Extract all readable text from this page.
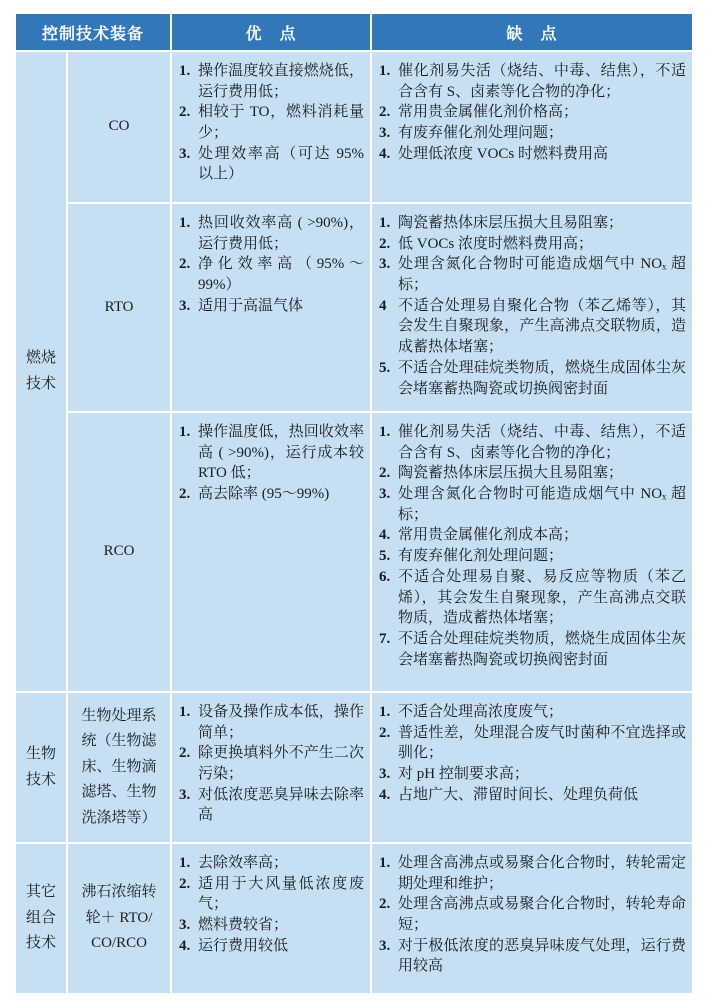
控制技术装备		优　点	缺　点
燃烧技术	CO	
1. 操作温度较直接燃烧低，运行费用低；
2. 相较于 TO，燃料消耗量少；
3. 处理效率高（可达 95% 以上）

1. 催化剂易失活（烧结、中毒、结焦），不适合含有 S、卤素等化合物的净化；
2. 常用贵金属催化剂价格高；
3. 有废弃催化剂处理问题；
4. 处理低浓度 VOCs 时燃料费用高

RTO	
1. 热回收效率高 ( >90%)，运行费用低；
2. 净化效率高（95%～99%）
3. 适用于高温气体

1. 陶瓷蓄热体床层压损大且易阻塞；
2. 低 VOCs 浓度时燃料费用高；
3. 处理含氮化合物时可能造成烟气中 NOₓ 超标；
4 不适合处理易自聚化合物（苯乙烯等），其会发生自聚现象，产生高沸点交联物质，造成蓄热体堵塞；
5. 不适合处理硅烷类物质，燃烧生成固体尘灰会堵塞蓄热陶瓷或切换阀密封面

RCO	
1. 操作温度低，热回收效率高 ( >90%)，运行成本较 RTO 低；
2. 高去除率 (95～99%)

1. 催化剂易失活（烧结、中毒、结焦），不适合含有 S、卤素等化合物的净化；
2. 陶瓷蓄热体床层压损大且易阻塞；
3. 处理含氮化合物时可能造成烟气中 NOₓ 超标；
4. 常用贵金属催化剂成本高；
5. 有废弃催化剂处理问题；
6. 不适合处理易自聚、易反应等物质（苯乙烯），其会发生自聚现象，产生高沸点交联物质，造成蓄热体堵塞；
7. 不适合处理硅烷类物质，燃烧生成固体尘灰会堵塞蓄热陶瓷或切换阀密封面

生物技术	生物处理系统（生物滤床、生物滴滤塔、生物洗涤塔等）	
1. 设备及操作成本低，操作简单；
2. 除更换填料外不产生二次污染；
3. 对低浓度恶臭异味去除率高

1. 不适合处理高浓度废气；
2. 普适性差，处理混合废气时菌种不宜选择或驯化；
3. 对 pH 控制要求高；
4. 占地广大、滞留时间长、处理负荷低

其它组合技术	沸石浓缩转轮＋ RTO/ CO/RCO	
1. 去除效率高；
2. 适用于大风量低浓度废气；
3. 燃料费较省；
4. 运行费用较低

1. 处理含高沸点或易聚合化合物时，转轮需定期处理和维护；
2. 处理含高沸点或易聚合化合物时，转轮寿命短；
3. 对于极低浓度的恶臭异味废气处理，运行费用较高
